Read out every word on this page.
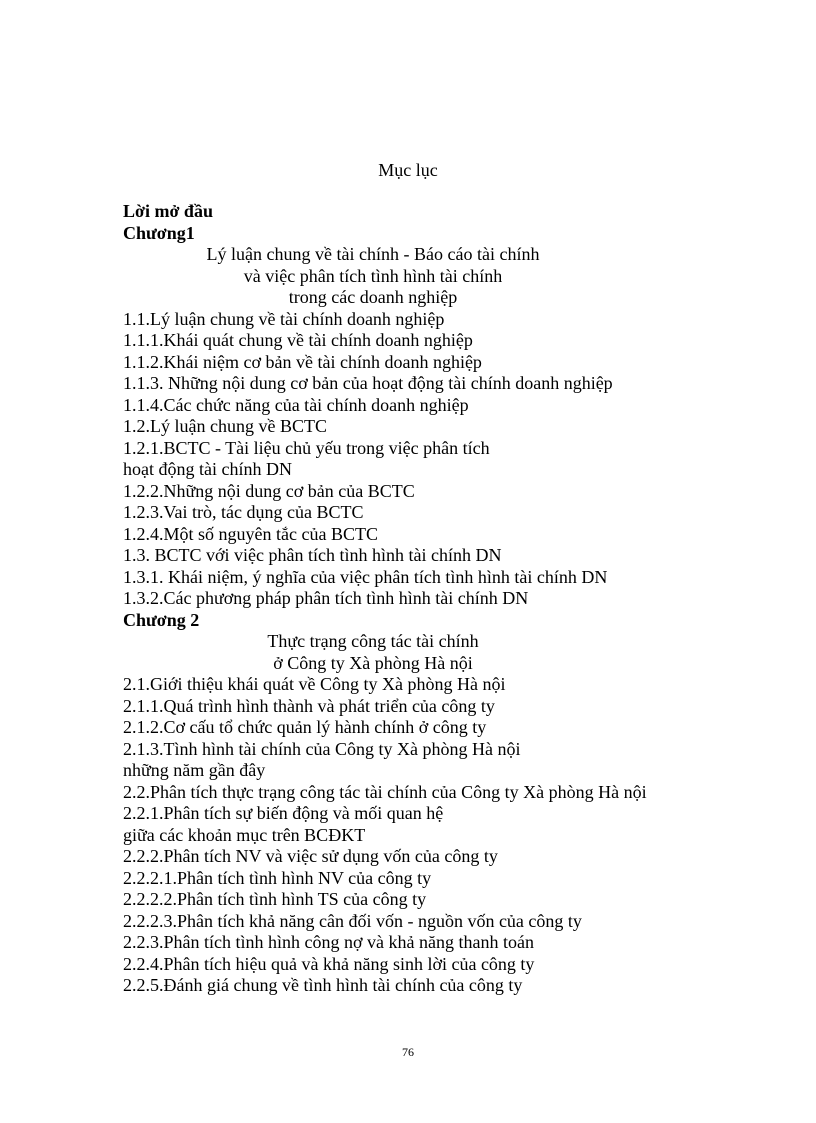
Mục lục
Lời mở đầu
Chương1
Lý luận chung về tài chính - Báo cáo tài chính
và việc phân tích tình hình tài chính
trong các doanh nghiệp
1.1.Lý luận chung về tài chính doanh nghiệp
1.1.1.Khái quát chung về tài chính doanh nghiệp
1.1.2.Khái niệm cơ bản về tài chính doanh nghiệp
1.1.3. Những nội dung cơ bản của hoạt động tài chính doanh nghiệp
1.1.4.Các chức năng của tài chính doanh nghiệp
1.2.Lý luận chung về BCTC
1.2.1.BCTC - Tài liệu chủ yếu trong việc phân tích
hoạt động tài chính DN
1.2.2.Những nội dung cơ bản của BCTC
1.2.3.Vai trò, tác dụng của BCTC
1.2.4.Một số nguyên tắc của BCTC
1.3. BCTC với việc phân tích tình hình tài chính DN
1.3.1. Khái niệm, ý nghĩa của việc phân tích tình hình tài chính DN
1.3.2.Các phương pháp phân tích tình hình tài chính DN
Chương 2
Thực trạng công tác tài chính
ở Công ty Xà phòng Hà nội
2.1.Giới thiệu khái quát về Công ty Xà phòng Hà nội
2.1.1.Quá trình hình thành và phát triển của công ty
2.1.2.Cơ cấu tổ chức quản lý hành chính ở công ty
2.1.3.Tình hình tài chính của Công ty Xà phòng Hà nội
những năm gần đây
2.2.Phân tích thực trạng công tác tài chính của Công ty Xà phòng Hà nội
2.2.1.Phân tích sự biến động và mối quan hệ
giữa các khoản mục trên BCĐKT
2.2.2.Phân tích NV và việc sử dụng vốn của công ty
2.2.2.1.Phân tích tình hình NV của công ty
2.2.2.2.Phân tích tình hình TS của công ty
2.2.2.3.Phân tích khả năng cân đối vốn - nguồn vốn của công ty
2.2.3.Phân tích tình hình công nợ và khả năng thanh toán
2.2.4.Phân tích hiệu quả và khả năng sinh lời của công ty
2.2.5.Đánh giá chung về tình hình tài chính của công ty
76
